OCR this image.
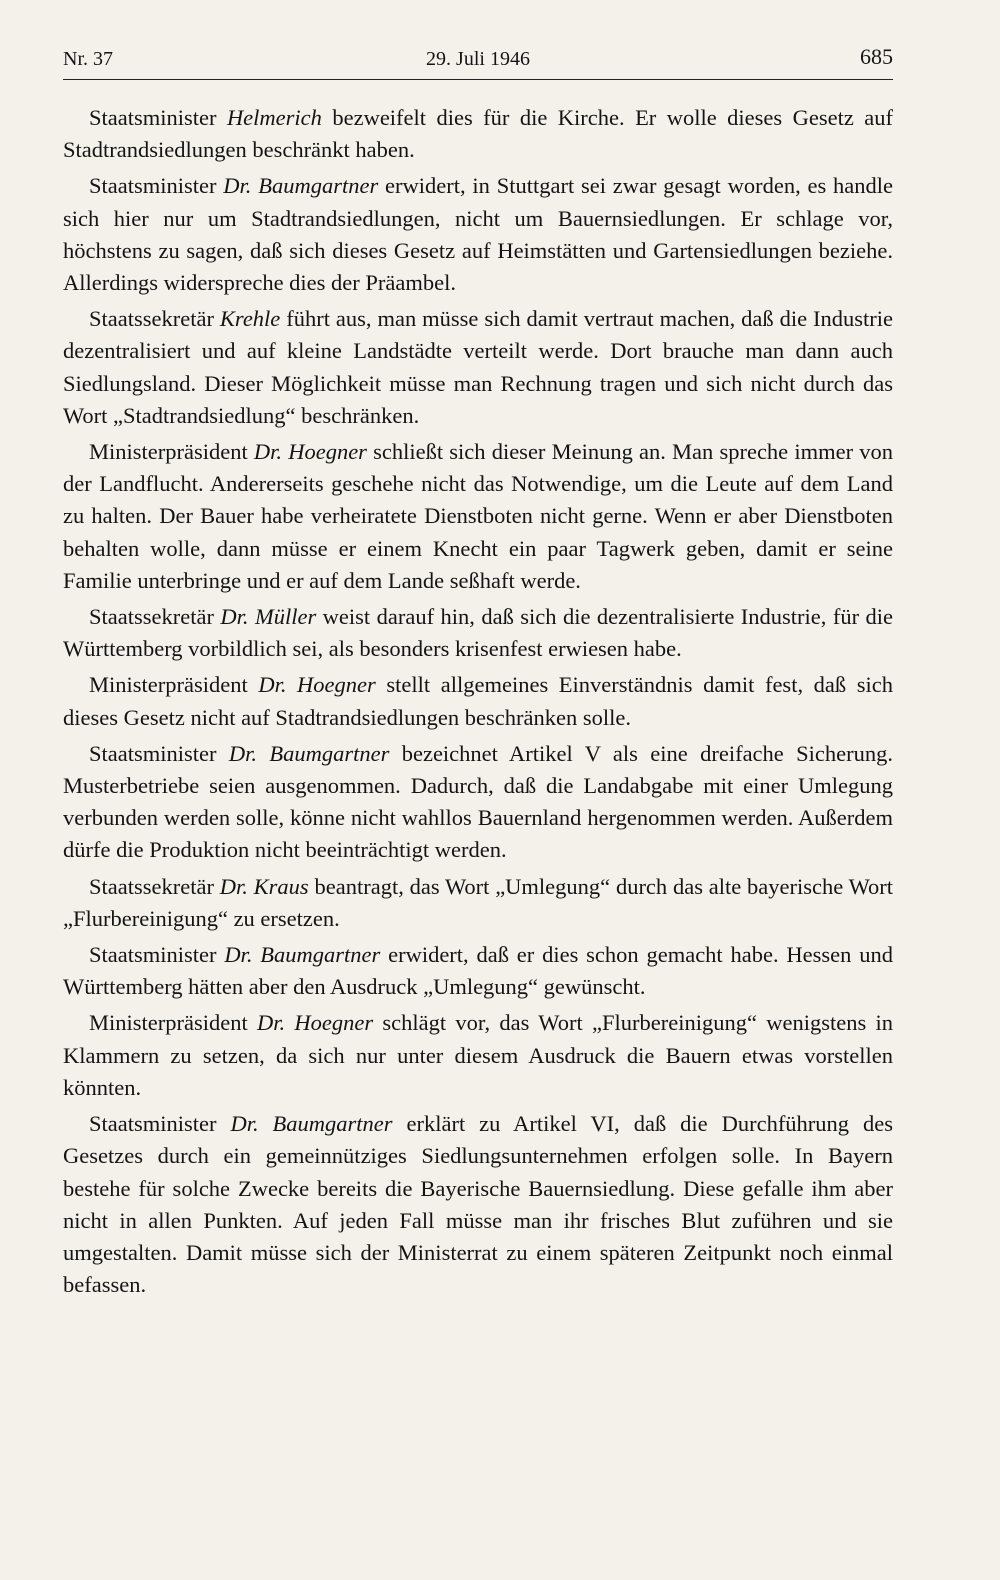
Nr. 37	29. Juli 1946	685

Staatsminister Helmerich bezweifelt dies für die Kirche. Er wolle dieses Gesetz auf Stadtrandsiedlungen beschränkt haben.

Staatsminister Dr. Baumgartner erwidert, in Stuttgart sei zwar gesagt worden, es handle sich hier nur um Stadtrandsiedlungen, nicht um Bauernsiedlungen. Er schlage vor, höchstens zu sagen, daß sich dieses Gesetz auf Heimstätten und Gartensiedlungen beziehe. Allerdings widerspreche dies der Präambel.

Staatssekretär Krehle führt aus, man müsse sich damit vertraut machen, daß die Industrie dezentralisiert und auf kleine Landstädte verteilt werde. Dort brauche man dann auch Siedlungsland. Dieser Möglichkeit müsse man Rechnung tragen und sich nicht durch das Wort „Stadtrandsiedlung“ beschränken.

Ministerpräsident Dr. Hoegner schließt sich dieser Meinung an. Man spreche immer von der Landflucht. Andererseits geschehe nicht das Notwendige, um die Leute auf dem Land zu halten. Der Bauer habe verheiratete Dienstboten nicht gerne. Wenn er aber Dienstboten behalten wolle, dann müsse er einem Knecht ein paar Tagwerk geben, damit er seine Familie unterbringe und er auf dem Lande seßhaft werde.

Staatssekretär Dr. Müller weist darauf hin, daß sich die dezentralisierte Industrie, für die Württemberg vorbildlich sei, als besonders krisenfest erwiesen habe.

Ministerpräsident Dr. Hoegner stellt allgemeines Einverständnis damit fest, daß sich dieses Gesetz nicht auf Stadtrandsiedlungen beschränken solle.

Staatsminister Dr. Baumgartner bezeichnet Artikel V als eine dreifache Sicherung. Musterbetriebe seien ausgenommen. Dadurch, daß die Landabgabe mit einer Umlegung verbunden werden solle, könne nicht wahllos Bauernland hergenommen werden. Außerdem dürfe die Produktion nicht beeinträchtigt werden.

Staatssekretär Dr. Kraus beantragt, das Wort „Umlegung“ durch das alte bayerische Wort „Flurbereinigung“ zu ersetzen.

Staatsminister Dr. Baumgartner erwidert, daß er dies schon gemacht habe. Hessen und Württemberg hätten aber den Ausdruck „Umlegung“ gewünscht.

Ministerpräsident Dr. Hoegner schlägt vor, das Wort „Flurbereinigung“ wenigstens in Klammern zu setzen, da sich nur unter diesem Ausdruck die Bauern etwas vorstellen könnten.

Staatsminister Dr. Baumgartner erklärt zu Artikel VI, daß die Durchführung des Gesetzes durch ein gemeinnütziges Siedlungsunternehmen erfolgen solle. In Bayern bestehe für solche Zwecke bereits die Bayerische Bauernsiedlung. Diese gefalle ihm aber nicht in allen Punkten. Auf jeden Fall müsse man ihr frisches Blut zuführen und sie umgestalten. Damit müsse sich der Ministerrat zu einem späteren Zeitpunkt noch einmal befassen.
